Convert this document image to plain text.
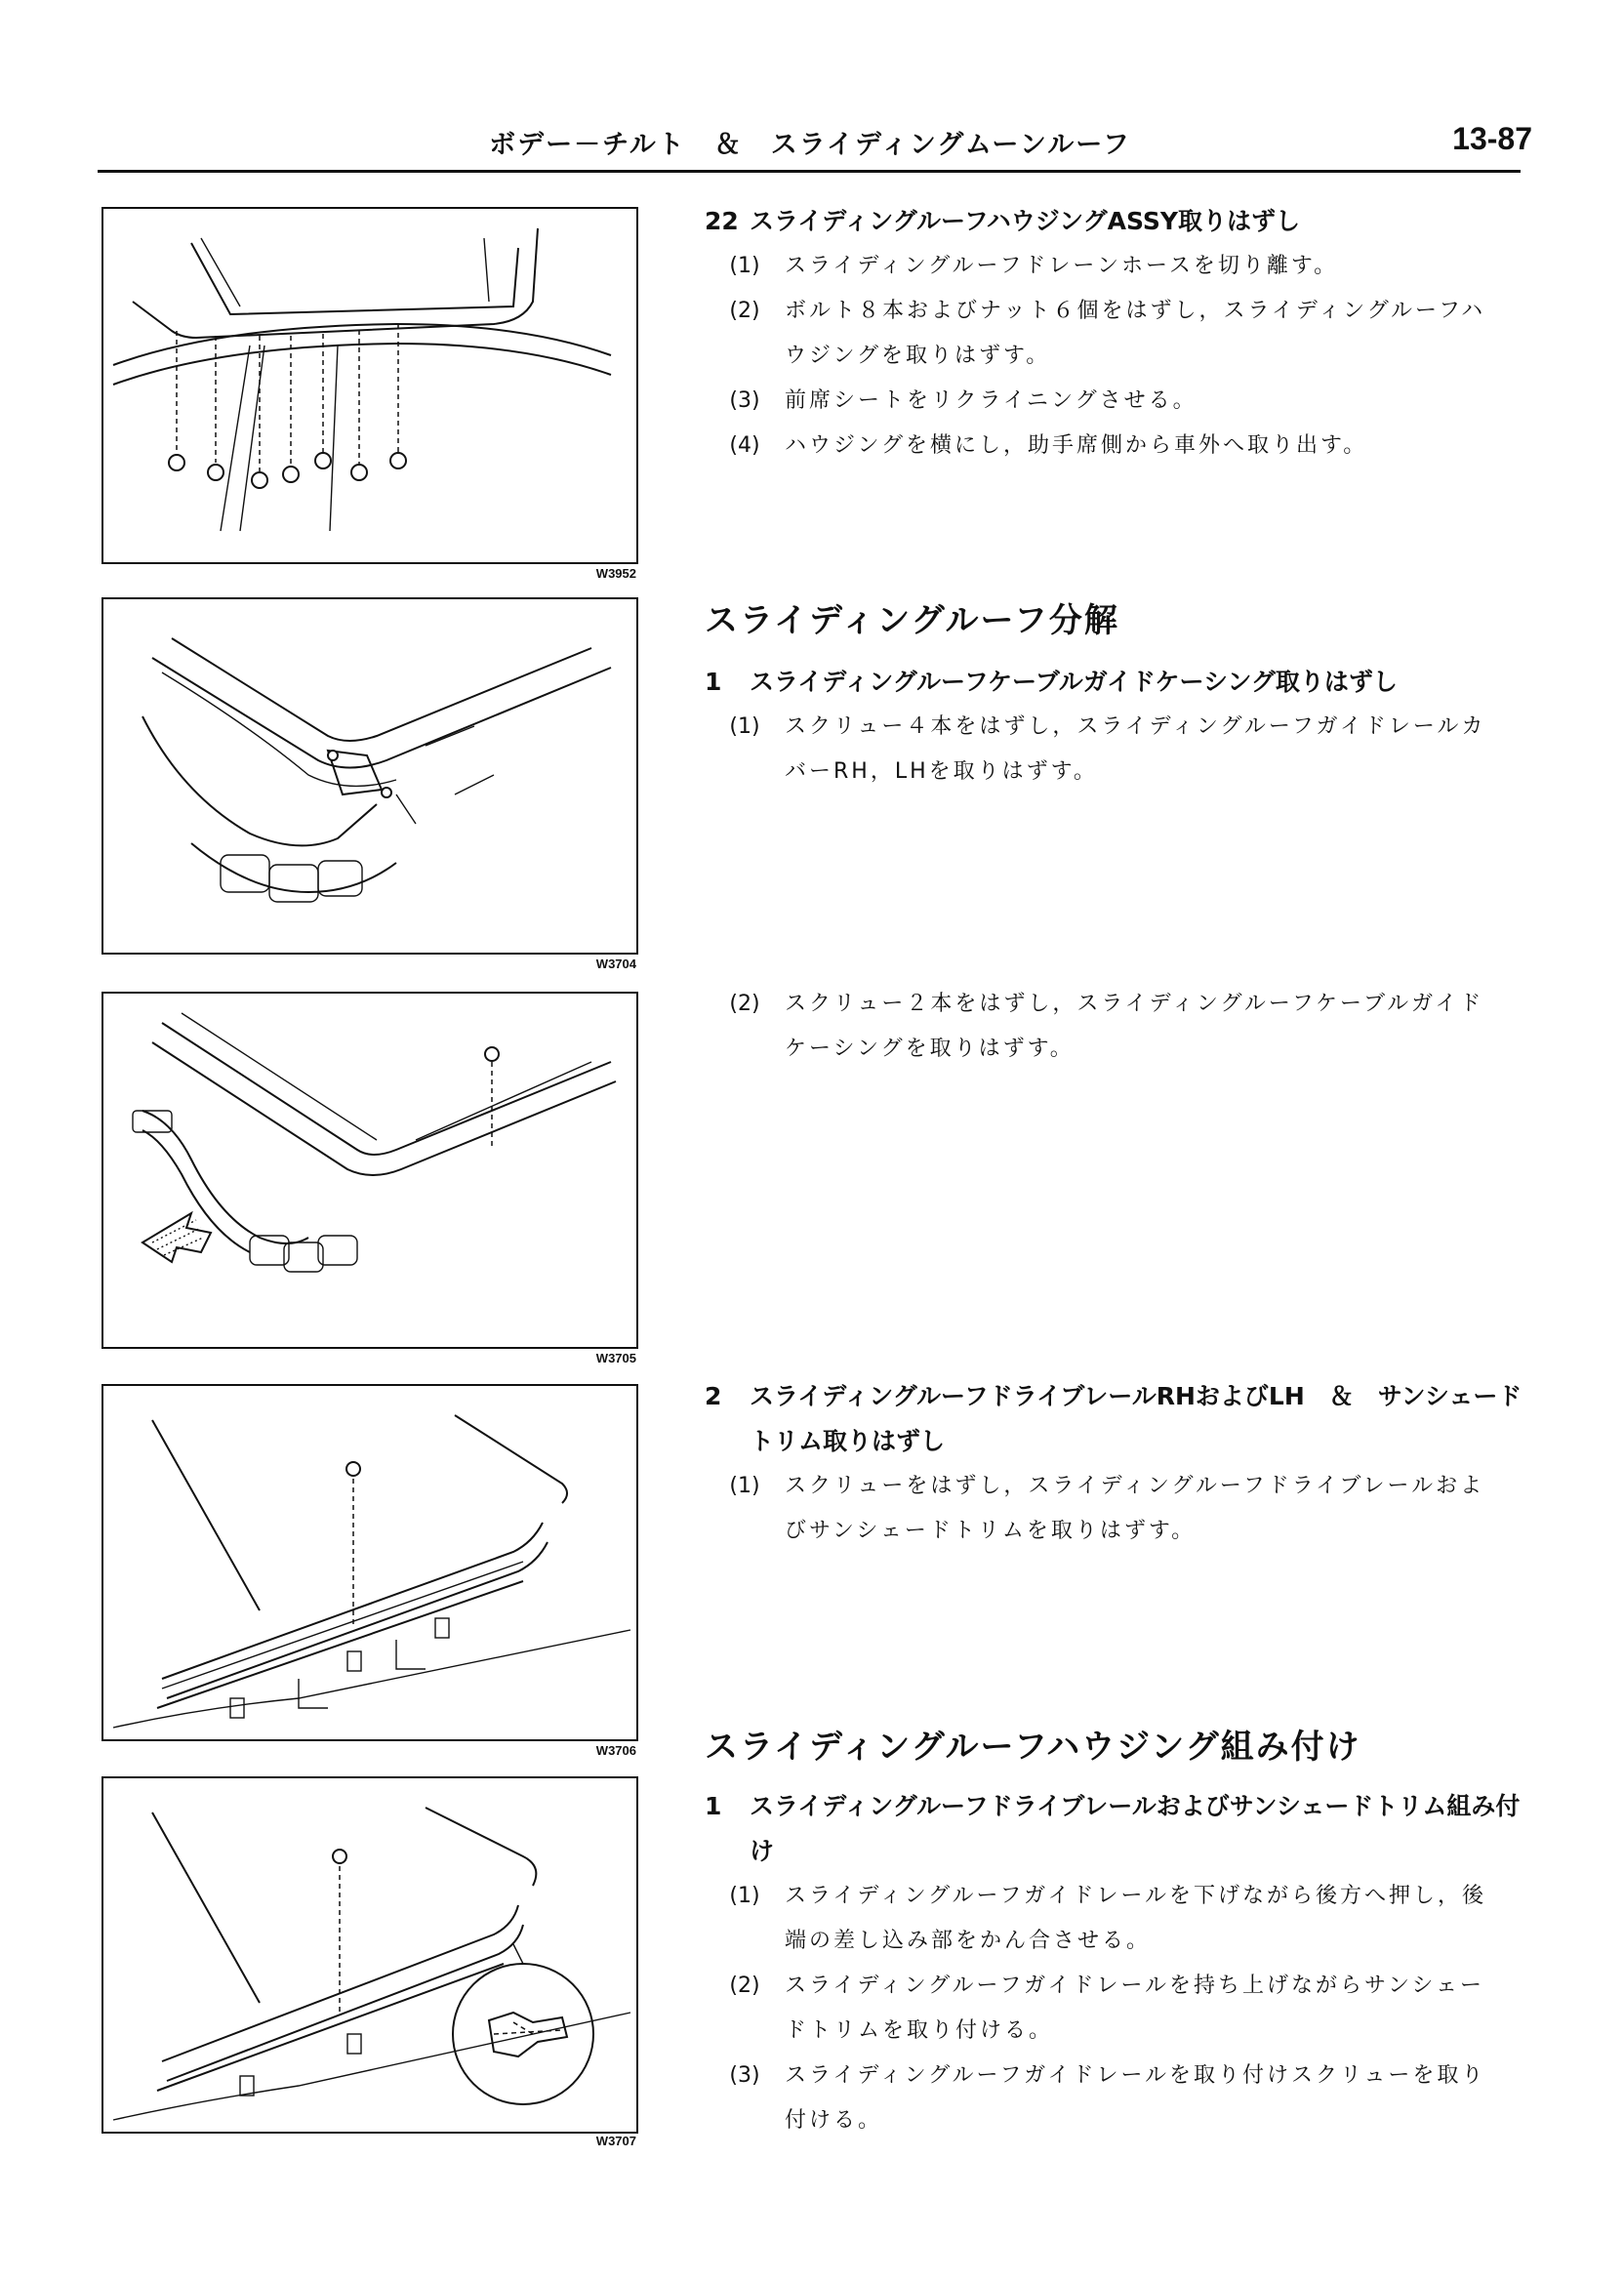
ボデー－チルト　＆　スライディングムーンルーフ	13-87
W3952
W3704
W3705
W3706
W3707
22 スライディングルーフハウジングASSY取りはずし
(1) スライディングルーフドレーンホースを切り離す。
(2) ボルト８本およびナット６個をはずし，スライディングルーフハウジングを取りはずす。
(3) 前席シートをリクライニングさせる。
(4) ハウジングを横にし，助手席側から車外へ取り出す。
スライディングルーフ分解
1 スライディングルーフケーブルガイドケーシング取りはずし
(1) スクリュー４本をはずし，スライディングルーフガイドレールカバーRH，LHを取りはずす。
(2) スクリュー２本をはずし，スライディングルーフケーブルガイドケーシングを取りはずす。
2 スライディングルーフドライブレールRHおよびLH　＆　サンシェードトリム取りはずし
(1) スクリューをはずし，スライディングルーフドライブレールおよびサンシェードトリムを取りはずす。
スライディングルーフハウジング組み付け
1 スライディングルーフドライブレールおよびサンシェードトリム組み付け
(1) スライディングルーフガイドレールを下げながら後方へ押し，後端の差し込み部をかん合させる。
(2) スライディングルーフガイドレールを持ち上げながらサンシェードトリムを取り付ける。
(3) スライディングルーフガイドレールを取り付けスクリューを取り付ける。
